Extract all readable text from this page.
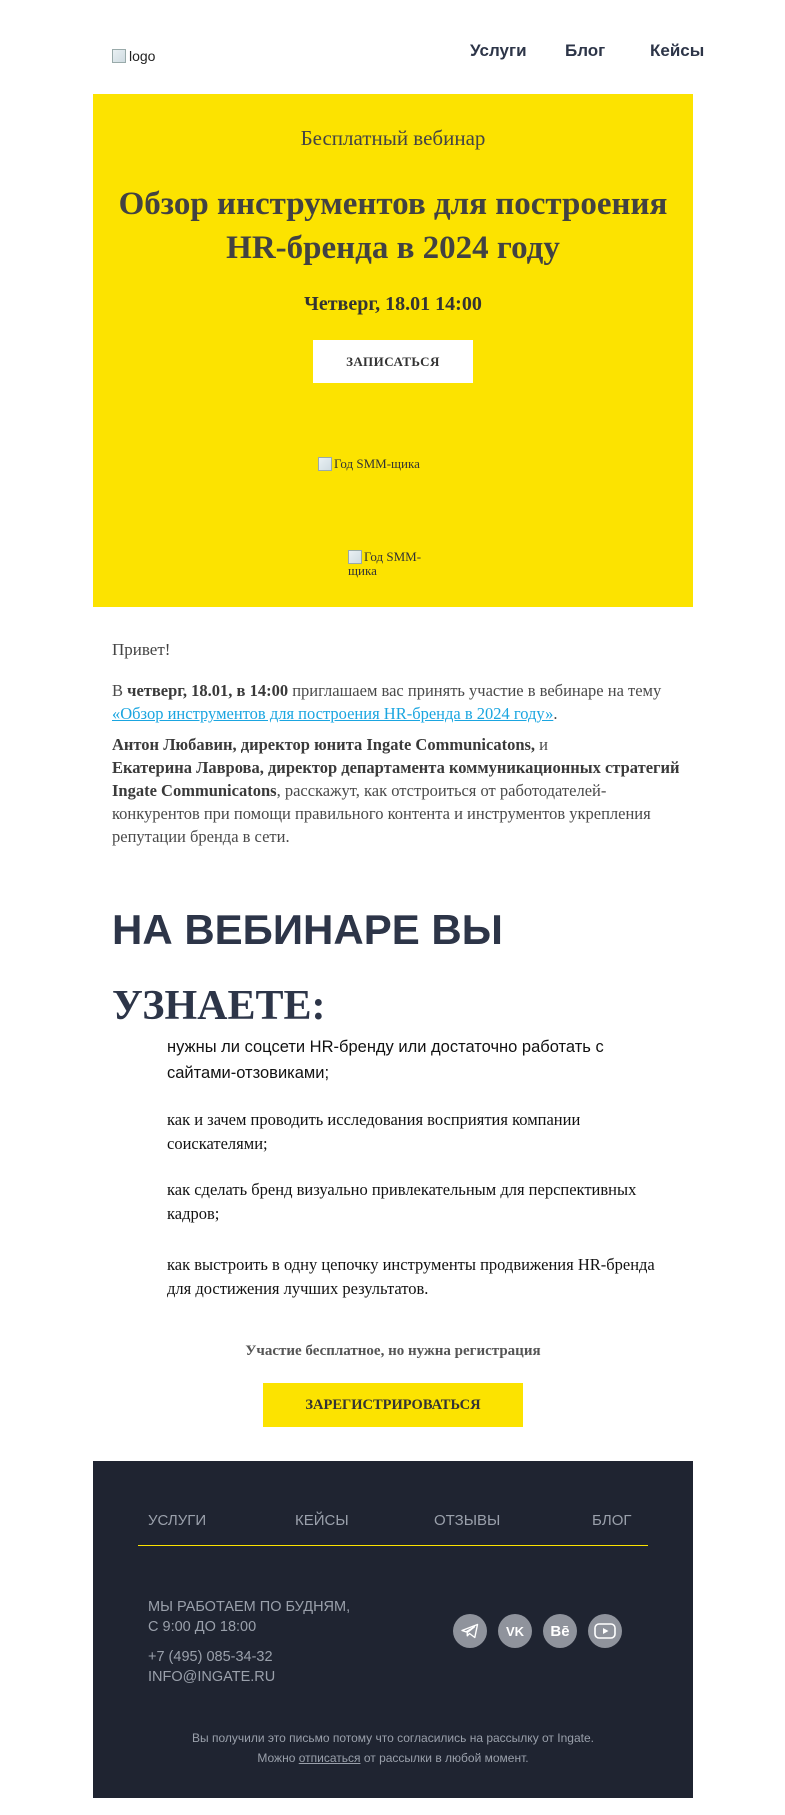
logo	Услуги Блог	Кейсы
Бесплатный вебинар
Обзор инструментов для построения
HR-бренда в 2024 году
Четверг, 18.01 14:00
ЗАПИСАТЬСЯ
Год SMM-щика
Год SMM-щика
Привет!
В четверг, 18.01, в 14:00 приглашаем вас принять участие в вебинаре на тему «Обзор инструментов для построения HR-бренда в 2024 году».
Антон Любавин, директор юнита Ingate Communicatons, и
Екатерина Лаврова, директор департамента коммуникационных стратегий Ingate Communicatons, расскажут, как отстроиться от работодателей-конкурентов при помощи правильного контента и инструментов укрепления репутации бренда в сети.
НА ВЕБИНАРЕ ВЫ
УЗНАЕТЕ:
нужны ли соцсети HR-бренду или достаточно работать с сайтами-отзовиками;
как и зачем проводить исследования восприятия компании соискателями;
как сделать бренд визуально привлекательным для перспективных кадров;
как выстроить в одну цепочку инструменты продвижения HR-бренда для достижения лучших результатов.
Участие бесплатное, но нужна регистрация
ЗАРЕГИСТРИРОВАТЬСЯ
УСЛУГИ	КЕЙСЫ	ОТЗЫВЫ	БЛОГ
МЫ РАБОТАЕМ ПО БУДНЯМ,
С 9:00 ДО 18:00
+7 (495) 085-34-32
INFO@INGATE.RU
VK Bē
Вы получили это письмо потому что согласились на рассылку от Ingate.
Можно отписаться от рассылки в любой момент.
